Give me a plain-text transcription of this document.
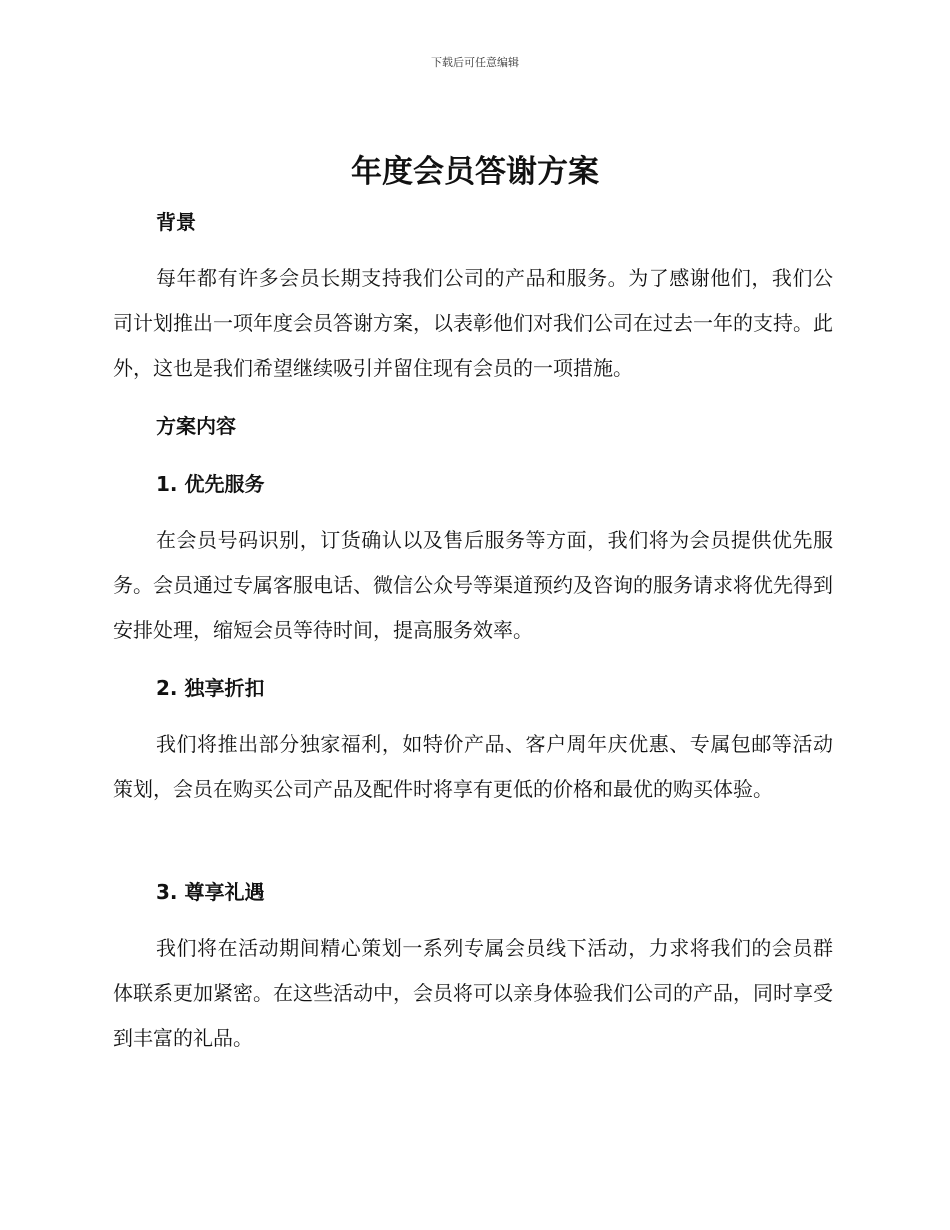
下载后可任意编辑
年度会员答谢方案
背景

每年都有许多会员长期支持我们公司的产品和服务。为了感谢他们，我们公司计划推出一项年度会员答谢方案，以表彰他们对我们公司在过去一年的支持。此外，这也是我们希望继续吸引并留住现有会员的一项措施。

方案内容
1. 优先服务

在会员号码识别，订货确认以及售后服务等方面，我们将为会员提供优先服务。会员通过专属客服电话、微信公众号等渠道预约及咨询的服务请求将优先得到安排处理，缩短会员等待时间，提高服务效率。

2. 独享折扣

我们将推出部分独家福利，如特价产品、客户周年庆优惠、专属包邮等活动策划，会员在购买公司产品及配件时将享有更低的价格和最优的购买体验。

3. 尊享礼遇

我们将在活动期间精心策划一系列专属会员线下活动，力求将我们的会员群体联系更加紧密。在这些活动中，会员将可以亲身体验我们公司的产品，同时享受到丰富的礼品。
